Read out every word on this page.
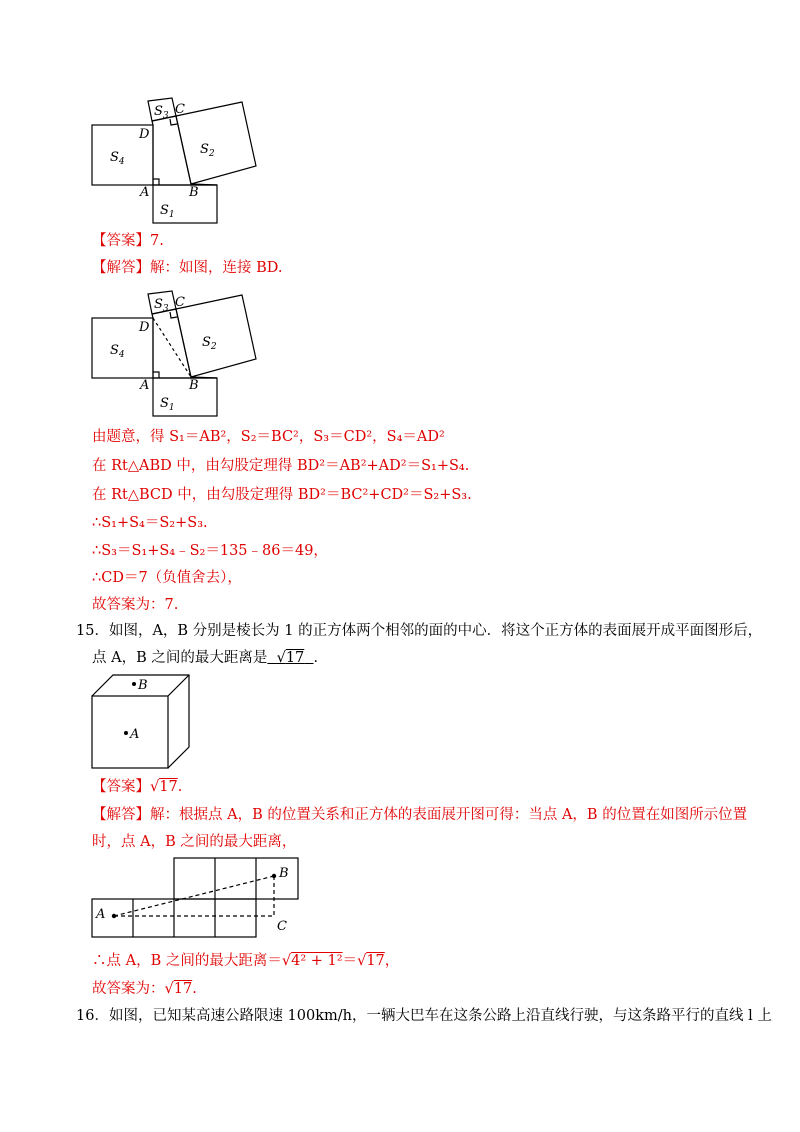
$S_3$ C
D
$S_2$
$S_4$
A	B
$S_1$
【答案】7.
【解答】解：如图，连接 BD.
$S_3$ C
D
$S_2$
$S_4$
A	B
$S_1$
由题意，得 S₁＝AB²，S₂＝BC²，S₃＝CD²，S₄＝AD²
在 Rt△ABD 中，由勾股定理得 BD²＝AB²+AD²＝S₁+S₄.
在 Rt△BCD 中，由勾股定理得 BD²＝BC²+CD²＝S₂+S₃.
∴S₁+S₄＝S₂+S₃.
∴S₃＝S₁+S₄﹣S₂＝135﹣86＝49，
∴CD＝7（负值舍去），
故答案为：7.
15．如图，A，B 分别是棱长为 1 的正方体两个相邻的面的中心．将这个正方体的表面展开成平面图形后，
点 A，B 之间的最大距离是 √17 ．
B
A
【答案】√17.
【解答】解：根据点 A，B 的位置关系和正方体的表面展开图可得：当点 A，B 的位置在如图所示位置
时，点 A，B 之间的最大距离，
A
B
C
∴点 A，B 之间的最大距离＝√4² + 1²＝√17，
故答案为：√17.
16．如图，已知某高速公路限速 100km/h，一辆大巴车在这条公路上沿直线行驶，与这条路平行的直线 l 上
